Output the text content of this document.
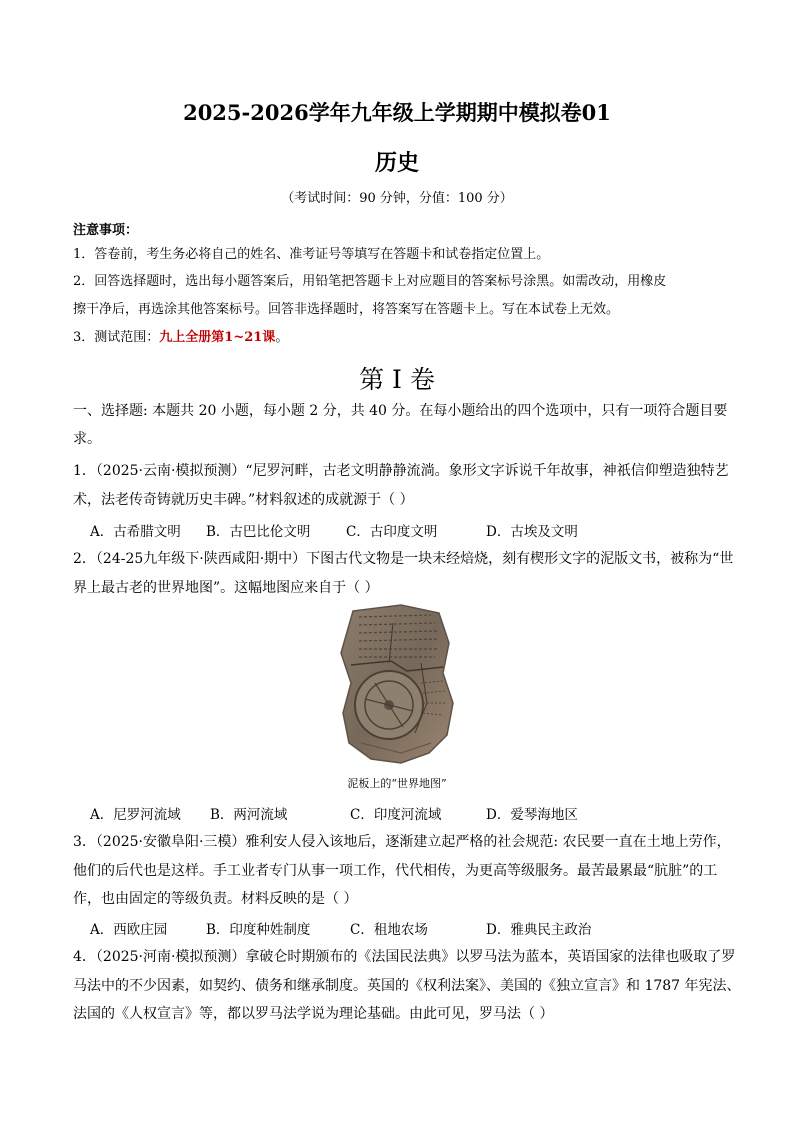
2025-2026学年九年级上学期期中模拟卷01
历史
（考试时间：90 分钟，分值：100 分）
注意事项：
1．答卷前，考生务必将自己的姓名、准考证号等填写在答题卡和试卷指定位置上。
2．回答选择题时，选出每小题答案后，用铅笔把答题卡上对应题目的答案标号涂黑。如需改动，用橡皮
擦干净后，再选涂其他答案标号。回答非选择题时，将答案写在答题卡上。写在本试卷上无效。
3．测试范围：九上全册第1~21课。
第 I 卷
一、选择题: 本题共 20 小题，每小题 2 分，共 40 分。在每小题给出的四个选项中，只有一项符合题目要
求。
1．（2025·云南·模拟预测）“尼罗河畔，古老文明静静流淌。象形文字诉说千年故事，神祇信仰塑造独特艺
术，法老传奇铸就历史丰碑。”材料叙述的成就源于（ ）
A．古希腊文明 B．古巴比伦文明	C．古印度文明	D．古埃及文明
2．（24-25九年级下·陕西咸阳·期中）下图古代文物是一块未经焙烧，刻有楔形文字的泥版文书，被称为“世
界上最古老的世界地图”。这幅地图应来自于（ ）
泥板上的“世界地图”
A．尼罗河流域 B．两河流域	C．印度河流域	D．爱琴海地区
3．（2025·安徽阜阳·三模）雅利安人侵入该地后，逐渐建立起严格的社会规范: 农民要一直在土地上劳作，
他们的后代也是这样。手工业者专门从事一项工作，代代相传，为更高等级服务。最苦最累最“肮脏”的工
作，也由固定的等级负责。材料反映的是（ ）
A．西欧庄园	B．印度种姓制度	C．租地农场	D．雅典民主政治
4．（2025·河南·模拟预测）拿破仑时期颁布的《法国民法典》以罗马法为蓝本，英语国家的法律也吸取了罗
马法中的不少因素，如契约、债务和继承制度。英国的《权利法案》、美国的《独立宣言》和 1787 年宪法、
法国的《人权宣言》等，都以罗马法学说为理论基础。由此可见，罗马法（ ）
